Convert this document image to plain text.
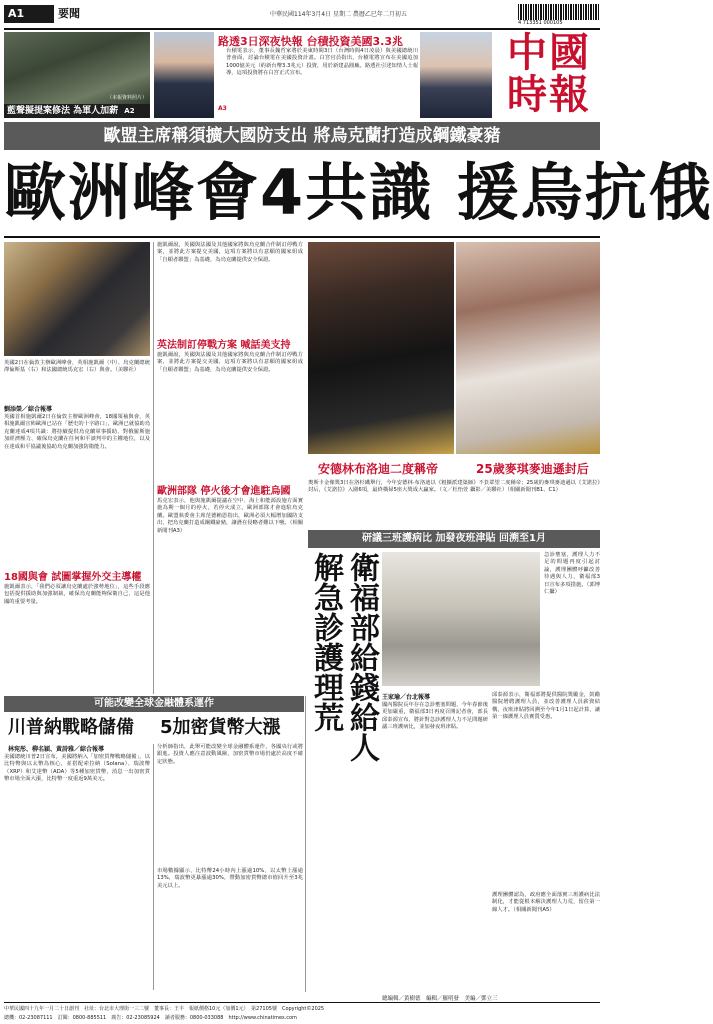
A1	要聞	中華民國114年3月4日 星期二 農曆乙巳年二月初五
4 713351 000105
（本報資料照片）
藍聲擬提案修法 為軍人加薪 A2
路透3日深夜快報 台積投資美國3.3兆
A3
台積電表示，董事長魏哲家將於美東時間3日（台灣時間4日凌晨）與美國總統川普會面，討論台積電在美國投資計畫。白宮官員指出，台積電將宣布在美國追加1000億美元（約新台幣3.3兆元）投資，用於新建晶圓廠。路透社引述知情人士報導，這項投資將在白宮正式宣布。	中國時報
歐盟主席稱須擴大國防支出 將烏克蘭打造成鋼鐵豪豬
歐洲峰會4共識 援烏抗俄
英國2日在倫敦主辦歐洲峰會，英相施凱爾（中）、烏克蘭總統澤倫斯基（右）和法國總統馬克宏（右）與會。（美聯社）
劉添榮／綜合報導
英國首相施凱爾2日在倫敦主辦歐洲峰會，18國領袖與會，英相施凱爾宣佈歐洲已站在「歷史的十字路口」，歐洲已就協助烏克蘭達成4項共識：將持續提供烏克蘭軍事援助、對俄羅斯施加經濟壓力、確保烏克蘭在任何和平談判中的主權地位，以及在達成和平協議後協助烏克蘭加強防衛能力。
18國與會 試圖掌握外交主導權
施凱爾表示，「我們必須讓烏克蘭處於強勢地位」，這些手段應包括提供援助與加強制裁，確保烏克蘭能夠保衛自己，這是他國的重要考量。
施凱爾說，英國與法國及其他國家將與烏克蘭合作制訂停戰方案，並將此方案提交美國，這項方案將以有意願的國家組成「自願者聯盟」為基礎，為烏克蘭提供安全保證。
英法制訂停戰方案 喊話美支持
施凱爾說，英國與法國及其他國家將與烏克蘭合作制訂停戰方案，並將此方案提交美國，這項方案將以有意願的國家組成「自願者聯盟」為基礎，為烏克蘭提供安全保證。
歐洲部隊 停火後才會進駐烏國
馬克宏表示，他與施凱爾提議在空中、海上和能源設施方面實施為期一個月的停火，若停火成立，歐洲部隊才會進駐烏克蘭。歐盟執委會主席范德賴恩指出，歐洲必須大幅增加國防支出，把烏克蘭打造成鋼鐵豪豬，讓潛在侵略者難以下嚥。（相關新聞刊A3）
安德林布洛迪二度稱帝	25歲麥琪麥迪遜封后
奧斯卡金像獎3日在洛杉磯舉行，今年安德林·布洛迪以《粗獷派建築師》不負眾望二度稱帝；25歲的麥琪麥迪遜以《艾諾拉》封后，《艾諾拉》入圍6項，最終橫掃5座大獎成大贏家。（文／杜怡萱 攝影／美聯社）（相關新聞刊B1、C1）
研議三班護病比 加發夜班津貼 回溯至1月
解急診護理荒 衛福部給錢給人	急診壅塞，護理人力不足的問題再度引起討論，護理團體呼籲改善待遇與人力，衛福部3日宣布多項措施。（郭博仁攝）
王家瑜／台北報導
國內醫院長年存在急診壅塞問題，今年春節後更加嚴重，衛福部3日再度召開記者會，部長邱泰源宣布，將針對急診護理人力不足問題研議三班護病比，並加發夜班津貼。
邱泰源表示，衛福部將提供醫院獎勵金，鼓勵醫院增聘護理人員，並改善護理人員薪資結構，夜班津貼將回溯至今年1月1日起計算，讓第一線護理人員實質受惠。
護理團體認為，政府應全面落實三班護病比法制化，才能從根本解決護理人力荒，留住第一線人才。（相關新聞刊A5）
可能改變全球金融體系運作
川普納戰略儲備 5加密貨幣大漲
林宛彤、柳名穎、黃詩雅／綜合報導
美國總統川普2日宣布，美國將納入「加密貨幣戰略儲備」，以比特幣與以太幣為核心，並搭配索拉納（Solana）、瑞波幣（XRP）和艾達幣（ADA）等5種加密貨幣，消息一出加密貨幣市場全面大漲，比特幣一度重返9萬美元。
分析師指出，此舉可能改變全球金融體系運作，各國央行或將跟進。投資人應注意波動風險，加密貨幣市場仍處於高度不確定狀態。
市場數據顯示，比特幣24小時內上漲逾10%，以太幣上漲逾13%，瑞波幣更暴漲逾30%，帶動加密貨幣總市值回升至3兆美元以上。
總編輯／黃樹德　編輯／羅明發　美編／鄧立三
中華民國四十九年一月二十日創刊　社址：台北市大理街一三二號　董事長：王丰　報紙價格10元（加價1元）　第27105號　Copyright©2025
總機：02-23087111　訂閱：0800-885511　廣告：02-23085924　讀者服務：0800-033088　http://www.chinatimes.com
